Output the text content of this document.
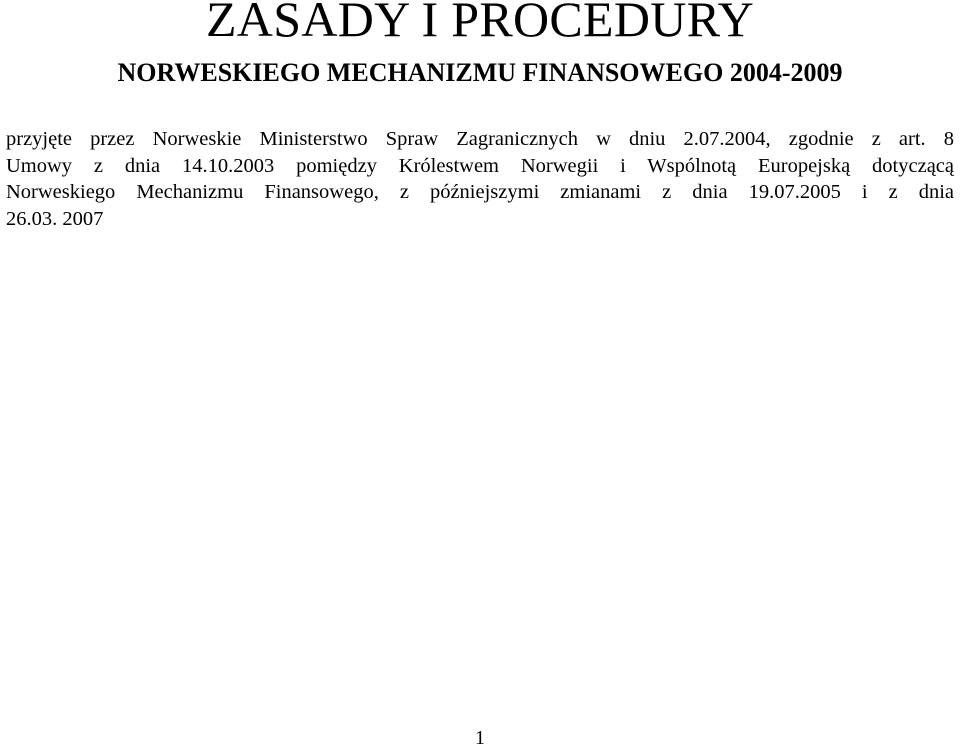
ZASADY I PROCEDURY
NORWESKIEGO MECHANIZMU FINANSOWEGO 2004-2009

przyjęte przez Norweskie Ministerstwo Spraw Zagranicznych w dniu 2.07.2004, zgodnie z art. 8
Umowy z dnia 14.10.2003 pomiędzy Królestwem Norwegii i Wspólnotą Europejską dotyczącą
Norweskiego Mechanizmu Finansowego, z późniejszymi zmianami z dnia 19.07.2005 i z dnia
26.03. 2007

1
